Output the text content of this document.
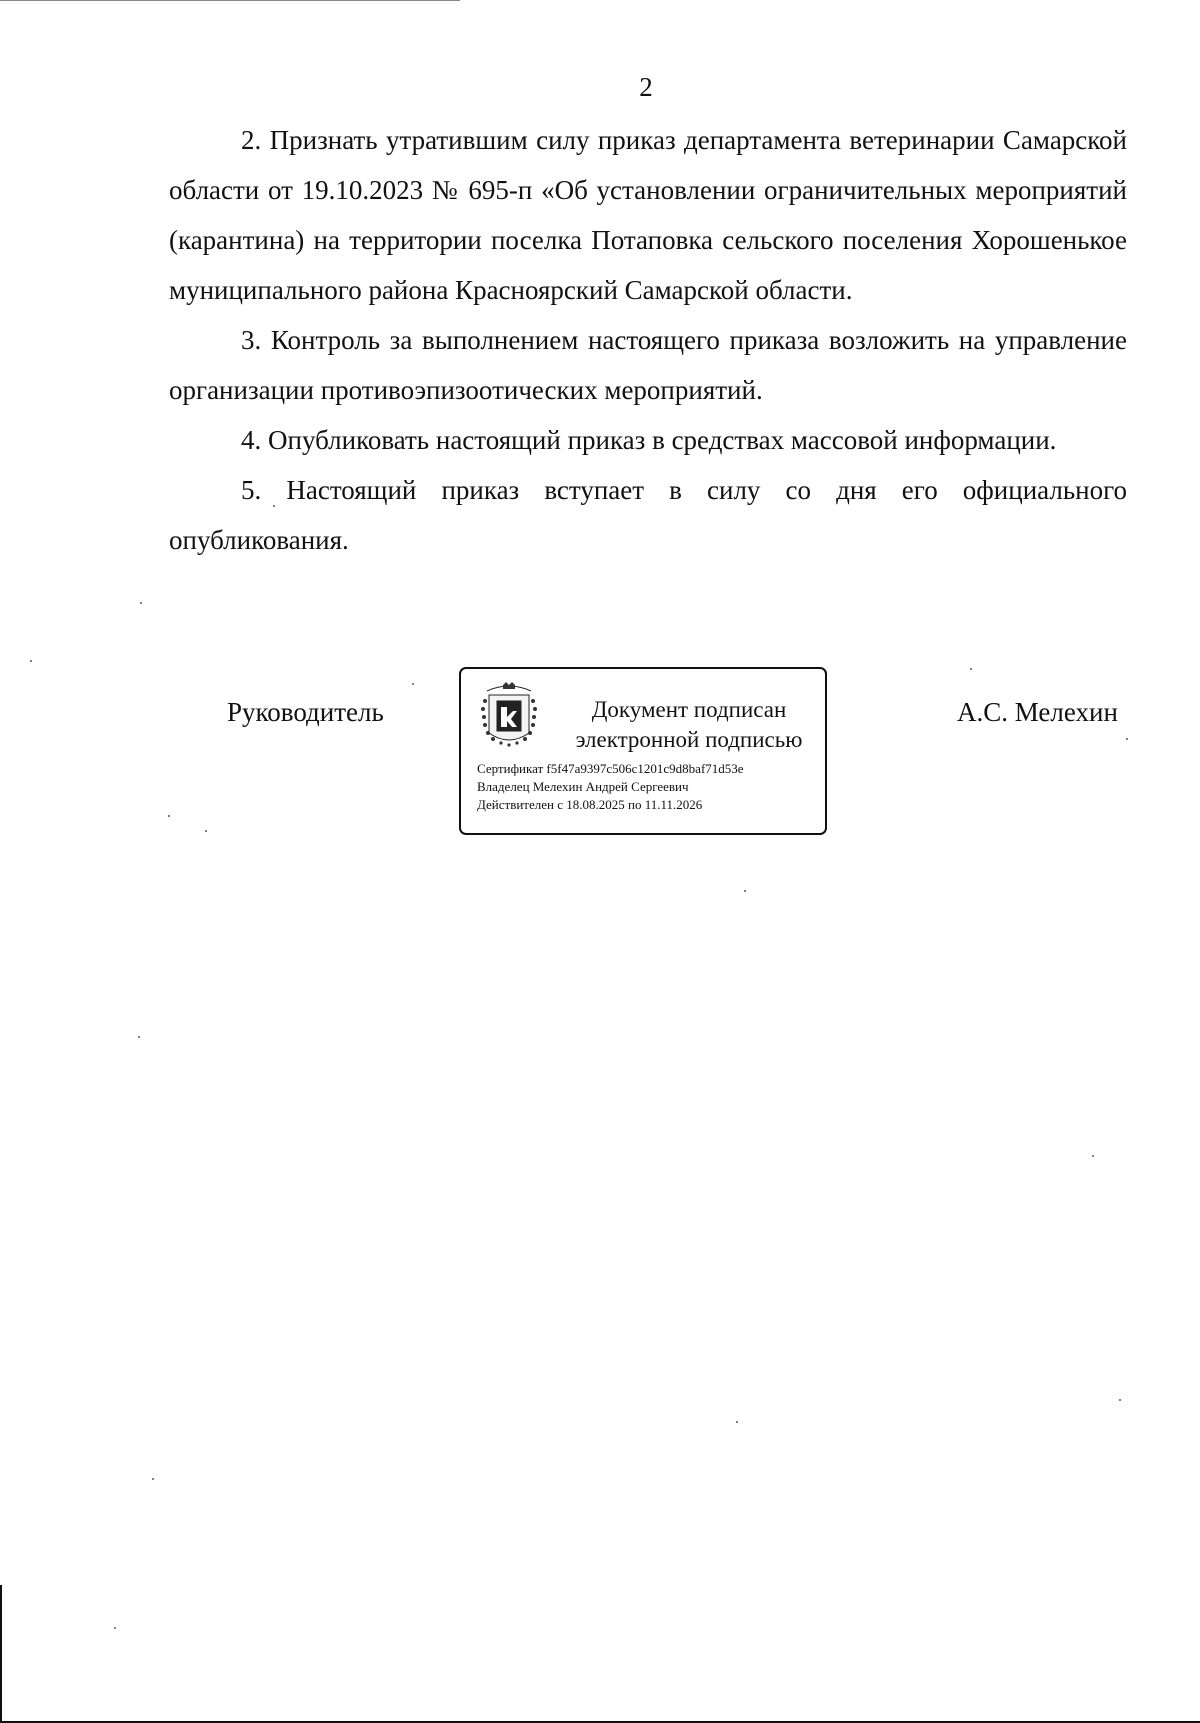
2

2. Признать утратившим силу приказ департамента ветеринарии Самарской области от 19.10.2023 № 695-п «Об установлении ограничительных мероприятий (карантина) на территории поселка Потаповка сельского поселения Хорошенькое муниципального района Красноярский Самарской области.

3. Контроль за выполнением настоящего приказа возложить на управление организации противоэпизоотических мероприятий.

4. Опубликовать настоящий приказ в средствах массовой информации.

5. Настоящий приказ вступает в силу со дня его официального опубликования.

Руководитель	Документ подписан
электронной подписью
Сертификат f5f47a9397c506c1201c9d8baf71d53e
Владелец Мелехин Андрей Сергеевич
Действителен с 18.08.2025 по 11.11.2026
А.С. Мелехин
